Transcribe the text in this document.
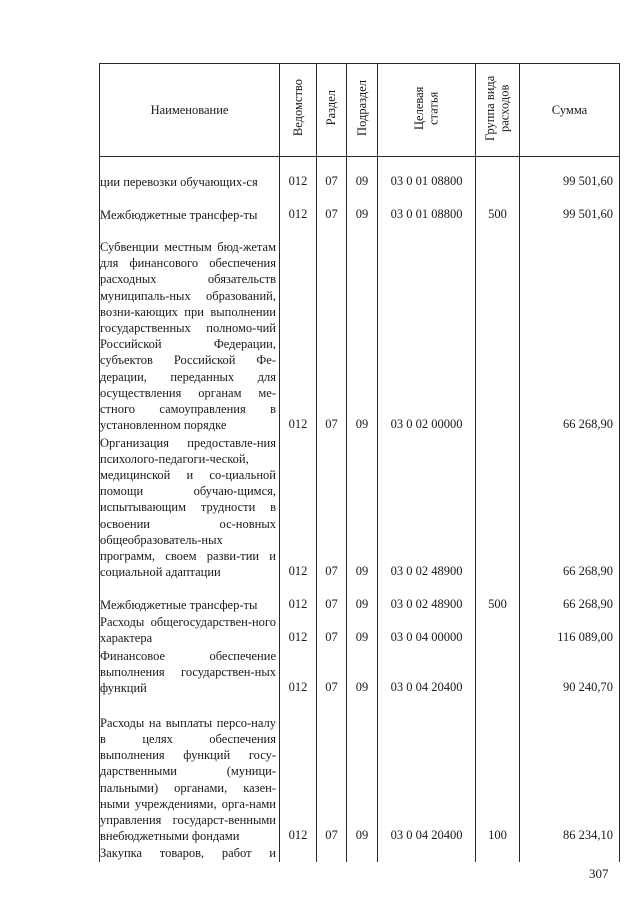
Наименование	Ведомство	Раздел	Подраздел	Целевая статья	Группа вида расходов	Сумма
ции перевозки обучающих-ся	012	07	09	03 0 01 08800		99 501,60
Межбюджетные трансфер-ты	012	07	09	03 0 01 08800	500	99 501,60
Субвенции местным бюд-жетам для финансового обеспечения расходных обязательств муниципаль-ных образований, возни-кающих при выполнении государственных полномо-чий Российской Федерации, субъектов Российской Фе-дерации, переданных для осуществления органам ме-стного самоуправления в установленном порядке	012	07	09	03 0 02 00000		66 268,90
Организация предоставле-ния психолого-педагоги-ческой, медицинской и со-циальной помощи обучаю-щимся, испытывающим трудности в освоении ос-новных общеобразователь-ных программ, своем разви-тии и социальной адаптации	012	07	09	03 0 02 48900		66 268,90
Межбюджетные трансфер-ты	012	07	09	03 0 02 48900	500	66 268,90
Расходы общегосударствен-ного характера	012	07	09	03 0 04 00000		116 089,00
Финансовое обеспечение выполнения государствен-ных функций	012	07	09	03 0 04 20400		90 240,70
Расходы на выплаты персо-налу в целях обеспечения выполнения функций госу-дарственными (муници-пальными) органами, казен-ными учреждениями, орга-нами управления государст-венными внебюджетными фондами	012	07	09	03 0 04 20400	100	86 234,10
Закупка товаров, работ и						
307
